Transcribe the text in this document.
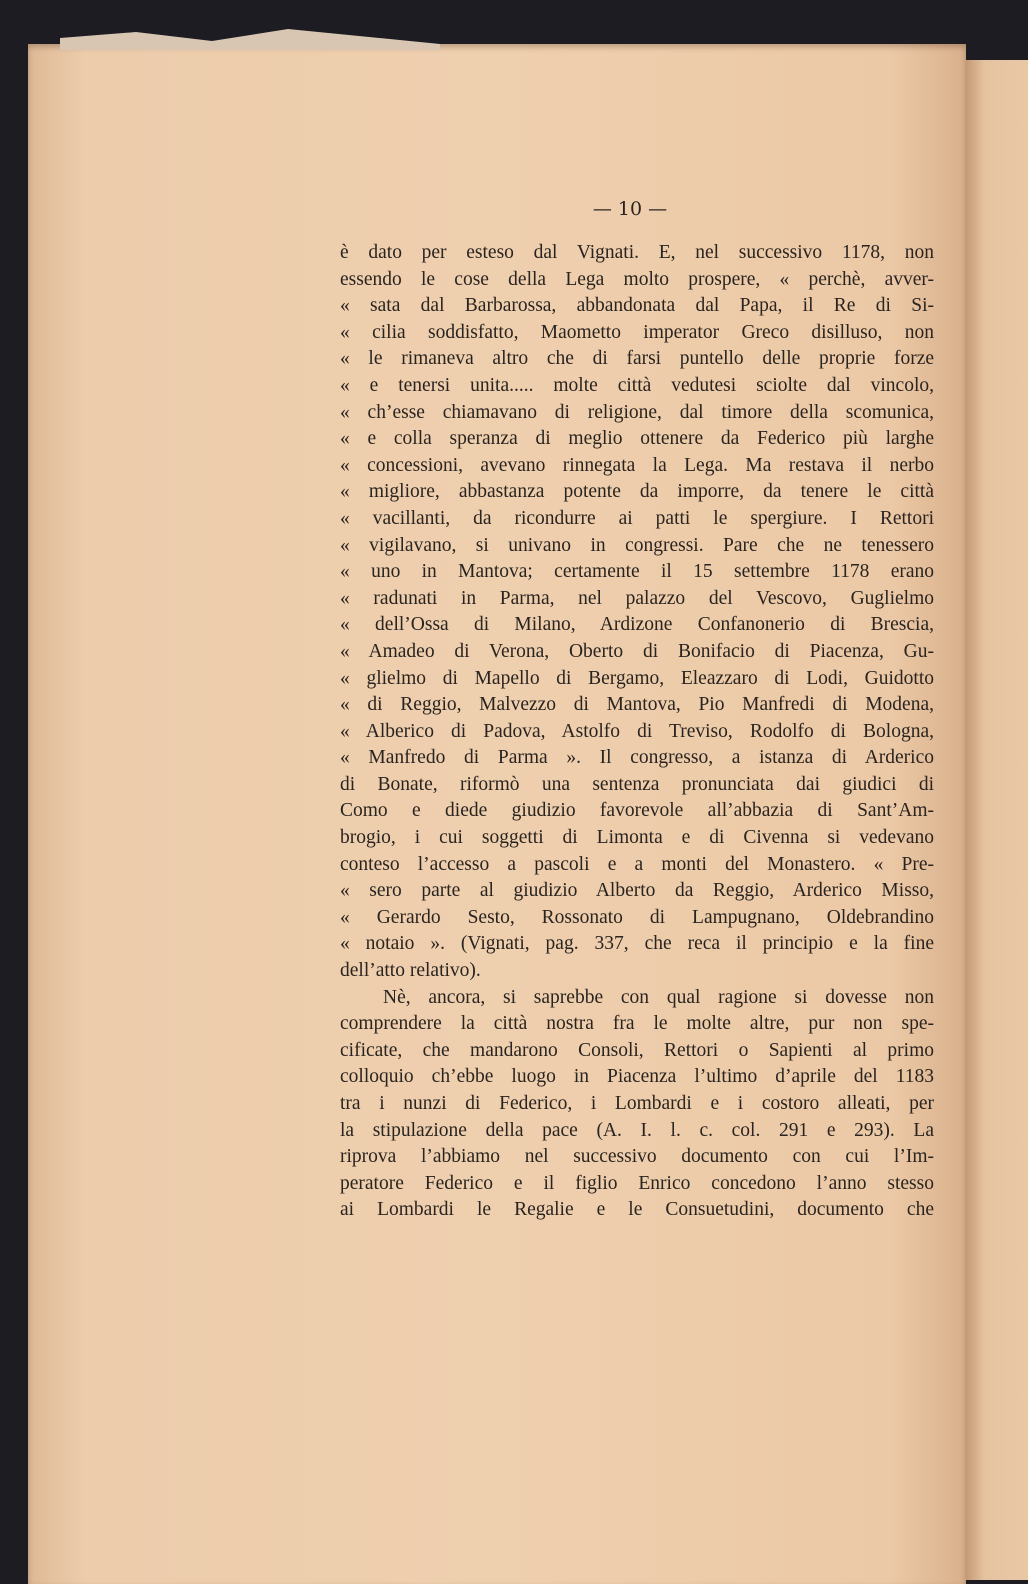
— 10 —
è dato per esteso dal Vignati. E, nel successivo 1178, non
essendo le cose della Lega molto prospere, « perchè, avver-
« sata dal Barbarossa, abbandonata dal Papa, il Re di Si-
« cilia soddisfatto, Maometto imperator Greco disilluso, non
« le rimaneva altro che di farsi puntello delle proprie forze
« e tenersi unita..... molte città vedutesi sciolte dal vincolo,
« ch’esse chiamavano di religione, dal timore della scomunica,
« e colla speranza di meglio ottenere da Federico più larghe
« concessioni, avevano rinnegata la Lega. Ma restava il nerbo
« migliore, abbastanza potente da imporre, da tenere le città
« vacillanti, da ricondurre ai patti le spergiure. I Rettori
« vigilavano, si univano in congressi. Pare che ne tenessero
« uno in Mantova; certamente il 15 settembre 1178 erano
« radunati in Parma, nel palazzo del Vescovo, Guglielmo
« dell’Ossa di Milano, Ardizone Confanonerio di Brescia,
« Amadeo di Verona, Oberto di Bonifacio di Piacenza, Gu-
« glielmo di Mapello di Bergamo, Eleazzaro di Lodi, Guidotto
« di Reggio, Malvezzo di Mantova, Pio Manfredi di Modena,
« Alberico di Padova, Astolfo di Treviso, Rodolfo di Bologna,
« Manfredo di Parma ». Il congresso, a istanza di Arderico
di Bonate, riformò una sentenza pronunciata dai giudici di
Como e diede giudizio favorevole all’abbazia di Sant’Am-
brogio, i cui soggetti di Limonta e di Civenna si vedevano
conteso l’accesso a pascoli e a monti del Monastero. « Pre-
« sero parte al giudizio Alberto da Reggio, Arderico Misso,
« Gerardo Sesto, Rossonato di Lampugnano, Oldebrandino
« notaio ». (Vignati, pag. 337, che reca il principio e la fine
dell’atto relativo).
Nè, ancora, si saprebbe con qual ragione si dovesse non
comprendere la città nostra fra le molte altre, pur non spe-
cificate, che mandarono Consoli, Rettori o Sapienti al primo
colloquio ch’ebbe luogo in Piacenza l’ultimo d’aprile del 1183
tra i nunzi di Federico, i Lombardi e i costoro alleati, per
la stipulazione della pace (A. I. l. c. col. 291 e 293). La
riprova l’abbiamo nel successivo documento con cui l’Im-
peratore Federico e il figlio Enrico concedono l’anno stesso
ai Lombardi le Regalie e le Consuetudini, documento che
